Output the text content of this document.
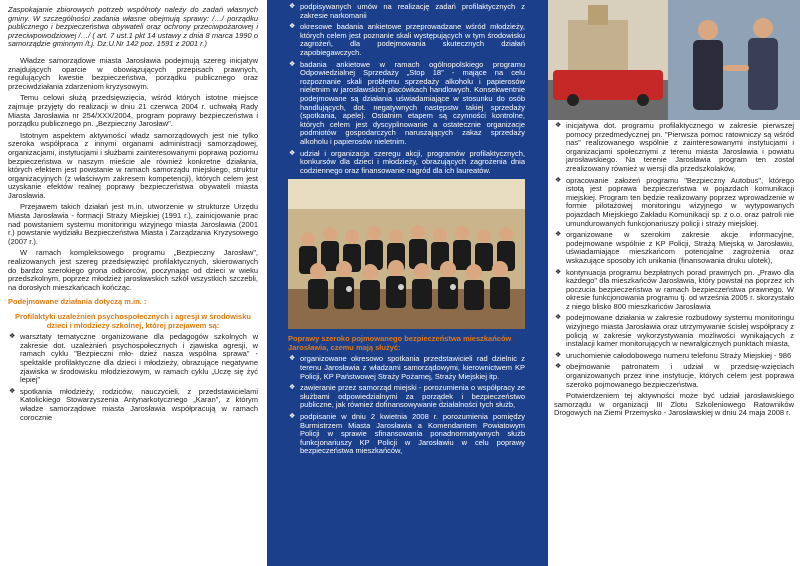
Zaspokajanie zbiorowych potrzeb wspólnoty należy do zadań własnych gminy. W szczególności zadania własne obejmują sprawy: /…/ porządku publicznego i bezpieczeństwa obywateli oraz ochrony przeciwpożarowej i przeciwpowodziowej /…/ ( art. 7 ust.1 pkt 14 ustawy z dnia 8 marca 1990 o samorządzie gminnym /t.j. Dz.U.Nr 142 poz. 1591 z 2001 r.)

Władze samorządowe miasta Jarosławia podejmują szereg inicjatyw znajdujących oparcie w obowiązujących przepisach prawnych, regulujących kwestie bezpieczeństwa, porządku publicznego oraz przeciwdziałania zdarzeniom kryzysowym.

Temu celowi służą przedsięwzięcia, wśród których istotne miejsce zajmuje przyjęty do realizacji w dniu 21 czerwca 2004 r. uchwałą Rady Miasta Jarosławia nr 254/XXX/2004, program poprawy bezpieczeństwa i porządku publicznego pn. „Bezpieczny Jarosław".

Istotnym aspektem aktywności władz samorządowych jest nie tylko szeroka współpraca z innymi organami administracji samorządowej, organizacjami, instytucjami i służbami zainteresowanymi poprawą poziomu bezpieczeństwa w naszym mieście ale również konkretne działania, których efektem jest powstanie w ramach samorządu miejskiego, struktur organizacyjnych (z właściwym zakresem kompetencji), których celem jest uzyskanie efektów realnej poprawy bezpieczeństwa obywateli miasta Jarosławia.

Przejawem takich działań jest m.in. utworzenie w strukturze Urzędu Miasta Jarosławia - formacji Straży Miejskiej (1991 r.), zainicjowanie prac nad powstaniem systemu monitoringu wizyjnego miasta Jarosławia (2001 r.) powstanie wydziału Bezpieczeństwa Miasta i Zarządzania Kryzysowego (2007 r.).

W ramach kompleksowego programu „Bezpieczny Jarosław", realizowanych jest szereg przedsięwzięć profilaktycznych, skierowanych do bardzo szerokiego grona odbiorców, poczynając od dzieci w wieku przedszkolnym, poprzez młodzież jarosławskich szkół wszystkich szczebli, na dorosłych mieszkańcach kończąc.

Podejmowane działania dotyczą m.in. :
Profilaktyki uzależnień psychospołecznych i agresji w środowisku dzieci i młodzieży szkolnej, której przejawem są:
❖ warsztaty tematyczne organizowane dla pedagogów szkolnych w zakresie dot. uzależnień psychospołecznych i zjawiska agresji, w ramach cyklu "Bezpieczni mło- dzież nasza wspólna sprawa" - spektakle profilaktyczne dla dzieci i młodzieży, obrazujące negatywne zjawiska w środowisku młodzieżowym, w ramach cyklu „Uczę się żyć lepiej"
❖ spotkania młodzieży, rodziców, nauczycieli, z przedstawicielami Katolickiego Stowarzyszenia Antynarkotycznego „Karan", z którym władze samorządowe miasta Jarosławia współpracują w ramach corocznie
❖ podpisywanych umów na realizację zadań profilaktycznych z zakresie narkomanii
❖ okresowe badania ankietowe przeprowadzane wśród młodzieży, których celem jest poznanie skali występujących w tym środowisku zagrożeń, dla podejmowania skutecznych działań zapobiegawczych.
❖ badania ankietowe w ramach ogólnopolskiego programu Odpowiedzialnej Sprzedaży „Stop 18" - mające na celu rozpoznanie skali problemu sprzedaży alkoholu i papierosów nieletnim w jarosławskich placówkach handlowych. Konsekwentnie podejmowane są działania uświadamiające w stosunku do osób handlujących, dot. negatywnych następstw takiej sprzedaży (spotkania, apele). Ostatnim etapem są czynności kontrolne, których celem jest dyscyplinowanie a ostatecznie organizacje podmiotów gospodarczych naruszających zakaz sprzedaży alkoholu i papierosów nieletnim.
❖ udział i organizacja szeregu akcji, programów profilaktycznych, konkursów dla dzieci i młodzieży, obrazujących zagrożenia dnia codziennego oraz finansowanie nagród dla ich laureatów.
Poprawy szeroko pojmowanego bezpieczeństwa mieszkańców Jarosławia, czemu mają służyć:
❖ organizowane okresowo spotkania przedstawicieli rad dzielnic z terenu Jarosławia z władzami samorządowymi, kierownictwem KP Policji, KP Państwowej Straży Pożarnej, Straży Miejskiej itp.
❖ zawieranie przez samorząd miejski - porozumienia o współpracy ze służbami odpowiedzialnymi za porządek i bezpieczeństwo publiczne, jak również dofinansowywanie działalności tych służb,
❖ podpisanie w dniu 2 kwietnia 2008 r. porozumienia pomiędzy Burmistrzem Miasta Jarosławia a Komendantem Powiatowym Policji w sprawie sfinansowania ponadnormatywnych służb funkcjonariuszy KP Policji w Jarosławiu w celu poprawy bezpieczeństwa mieszkańców,
❖ inicjatywa dot. programu profilaktycznego w zakresie pierwszej pomocy przedmedycznej pn. "Pierwsza pomoc ratowniczy są wśród nas" realizowanego wspólnie z zainteresowanymi instytucjami i organizacjami społecznymi z terenu miasta Jarosławia i powiatu jarosławskiego. Na terenie Jarosławia program ten został zrealizowany również w wersji dla przedszkolaków,
❖ opracowanie założeń programu "Bezpieczny Autobus", którego istotą jest poprawa bezpieczeństwa w pojazdach komunikacji miejskiej. Program ten będzie realizowany poprzez wprowadzenie w formie pilotażowej monitoringu wizyjnego w wytypowanych pojazdach Miejskiego Zakładu Komunikacji sp. z o.o. oraz patroli nie umundurowanych funkcjonariuszy policji i straży miejskiej.
❖ organizowane w szerokim zakresie akcje informacyjne, podejmowane wspólnie z KP Policji, Strażą Miejską w Jarosławiu, uświadamiające mieszkańcom potencjalne zagrożenia oraz wskazujące sposoby ich unikania (finansowania druku ulotek),
❖ kontynuacja programu bezpłatnych porad prawnych pn. „Prawo dla każdego" dla mieszkańców Jarosławia, który powstał na poprzez ich poczucia bezpieczeństwa w ramach bezpieczeństwa prawnego. W okresie funkcjonowania programu tj. od września 2005 r. skorzystało z niego blisko 800 mieszkańców Jarosławia
❖ podejmowane działania w zakresie rozbudowy systemu monitoringu wizyjnego miasta Jarosławia oraz utrzymywanie ścisłej współpracy z policją w zakresie wykorzystywania możliwości wynikających z instalacji kamer monitorujących w newralgicznych punktach miasta,
❖ uruchomienie całodobowego numeru telefonu Straży Miejskiej - 986
❖ obejmowanie patronatem i udział w przedsię-wzięciach organizowanych przez inne instytucje, których celem jest poprawa szeroko pojmowanego bezpieczeństwa.

Potwierdzeniem tej aktywności może być udział jarosławskiego samorządu w organizacji III Zlotu Szkoleniowego Ratowników Drogowych na Ziemi Przemysko - Jarosławskiej w dniu 24 maja 2008 r.
